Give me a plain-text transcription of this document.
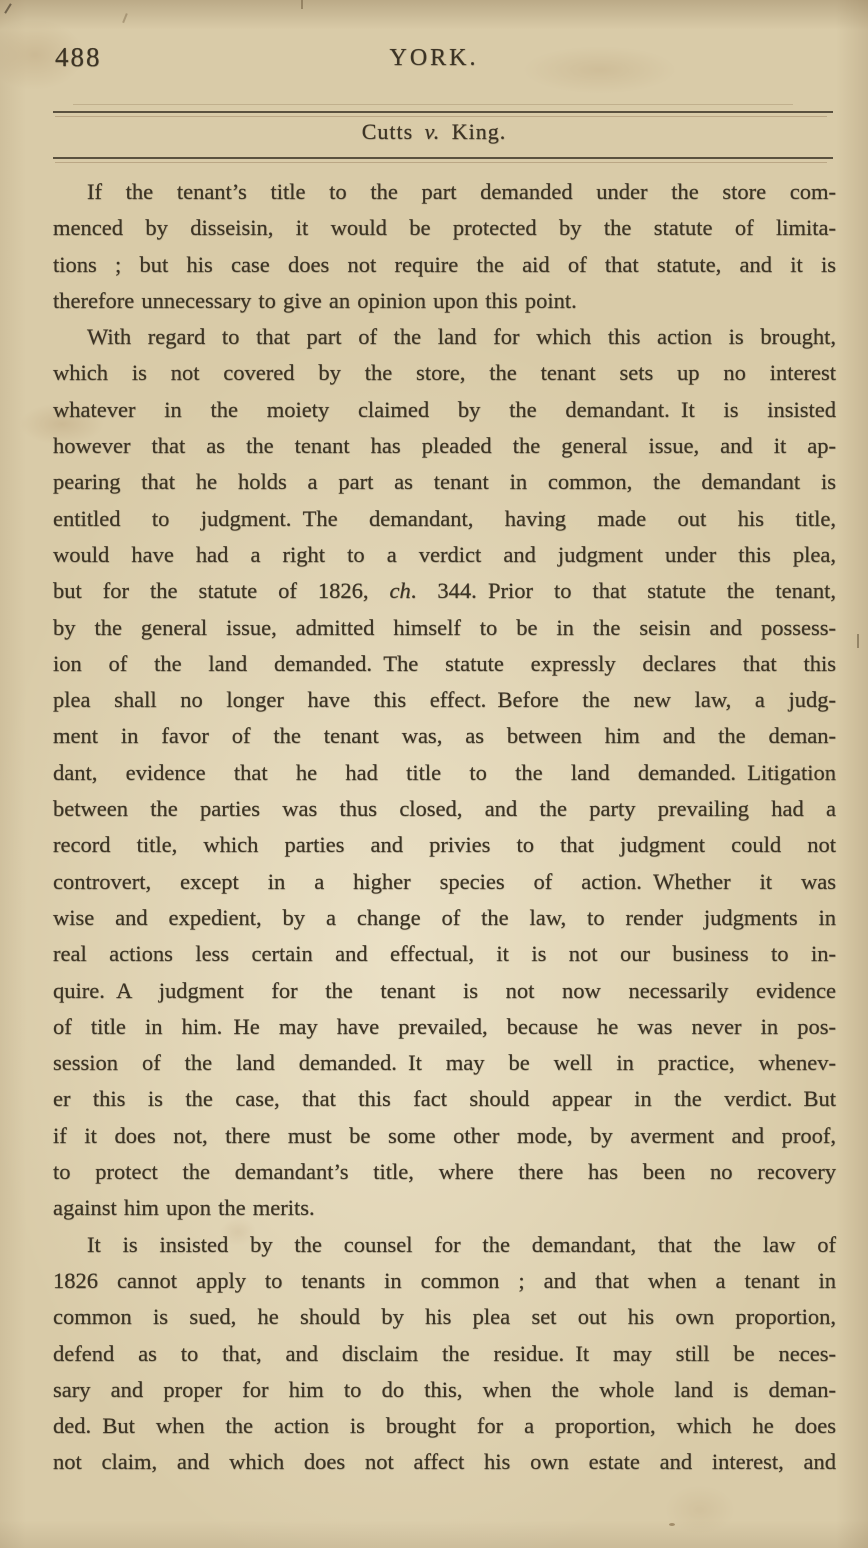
488	YORK.
Cutts v. King.
If the tenant’s title to the part demanded under the store com-
menced by disseisin, it would be protected by the statute of limita-
tions ; but his case does not require the aid of that statute, and it is
therefore unnecessary to give an opinion upon this point.
With regard to that part of the land for which this action is brought,
which is not covered by the store, the tenant sets up no interest
whatever in the moiety claimed by the demandant. It is insisted
however that as the tenant has pleaded the general issue, and it ap-
pearing that he holds a part as tenant in common, the demandant is
entitled to judgment. The demandant, having made out his title,
would have had a right to a verdict and judgment under this plea,
but for the statute of 1826, ch. 344. Prior to that statute the tenant,
by the general issue, admitted himself to be in the seisin and possess-
ion of the land demanded. The statute expressly declares that this
plea shall no longer have this effect. Before the new law, a judg-
ment in favor of the tenant was, as between him and the deman-
dant, evidence that he had title to the land demanded. Litigation
between the parties was thus closed, and the party prevailing had a
record title, which parties and privies to that judgment could not
controvert, except in a higher species of action. Whether it was
wise and expedient, by a change of the law, to render judgments in
real actions less certain and effectual, it is not our business to in-
quire. A judgment for the tenant is not now necessarily evidence
of title in him. He may have prevailed, because he was never in pos-
session of the land demanded. It may be well in practice, whenev-
er this is the case, that this fact should appear in the verdict. But
if it does not, there must be some other mode, by averment and proof,
to protect the demandant’s title, where there has been no recovery
against him upon the merits.
It is insisted by the counsel for the demandant, that the law of
1826 cannot apply to tenants in common ; and that when a tenant in
common is sued, he should by his plea set out his own proportion,
defend as to that, and disclaim the residue. It may still be neces-
sary and proper for him to do this, when the whole land is deman-
ded. But when the action is brought for a proportion, which he does
not claim, and which does not affect his own estate and interest, and
